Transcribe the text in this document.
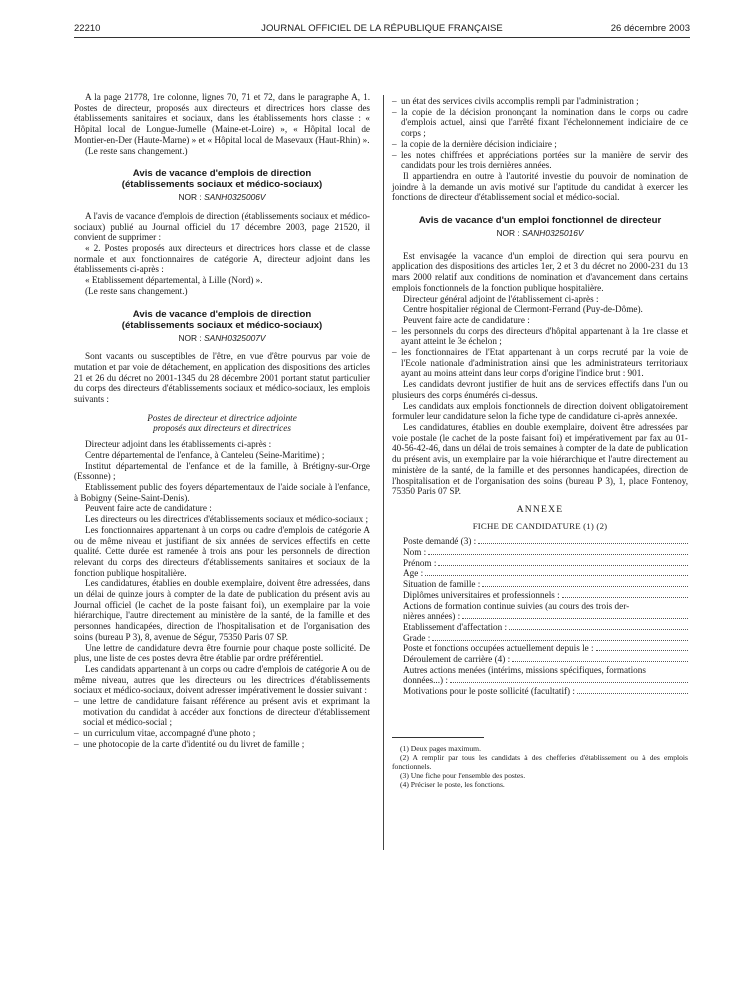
22210	JOURNAL OFFICIEL DE LA RÉPUBLIQUE FRANÇAISE	26 décembre 2003

A la page 21778, 1re colonne, lignes 70, 71 et 72, dans le paragraphe A, 1. Postes de directeur, proposés aux directeurs et directrices hors classe des établissements sanitaires et sociaux, dans les établissements hors classe : « Hôpital local de Longue-Jumelle (Maine-et-Loire) », « Hôpital local de Montier-en-Der (Haute-Marne) » et « Hôpital local de Masevaux (Haut-Rhin) ».

(Le reste sans changement.)

Avis de vacance d'emplois de direction
(établissements sociaux et médico-sociaux)
NOR : SANH0325006V

A l'avis de vacance d'emplois de direction (établissements sociaux et médico-sociaux) publié au Journal officiel du 17 décembre 2003, page 21520, il convient de supprimer :

« 2. Postes proposés aux directeurs et directrices hors classe et de classe normale et aux fonctionnaires de catégorie A, directeur adjoint dans les établissements ci-après :

« Etablissement départemental, à Lille (Nord) ».

(Le reste sans changement.)

Avis de vacance d'emplois de direction
(établissements sociaux et médico-sociaux)
NOR : SANH0325007V

Sont vacants ou susceptibles de l'être, en vue d'être pourvus par voie de mutation et par voie de détachement, en application des dispositions des articles 21 et 26 du décret no 2001-1345 du 28 décembre 2001 portant statut particulier du corps des directeurs d'établissements sociaux et médico-sociaux, les emplois suivants :

Postes de directeur et directrice adjointe
proposés aux directeurs et directrices

Directeur adjoint dans les établissements ci-après :

Centre départemental de l'enfance, à Canteleu (Seine-Maritime) ;

Institut départemental de l'enfance et de la famille, à Brétigny-sur-Orge (Essonne) ;

Etablissement public des foyers départementaux de l'aide sociale à l'enfance, à Bobigny (Seine-Saint-Denis).

Peuvent faire acte de candidature :

Les directeurs ou les directrices d'établissements sociaux et médico-sociaux ;

Les fonctionnaires appartenant à un corps ou cadre d'emplois de catégorie A ou de même niveau et justifiant de six années de services effectifs en cette qualité. Cette durée est ramenée à trois ans pour les personnels de direction relevant du corps des directeurs d'établissements sanitaires et sociaux de la fonction publique hospitalière.

Les candidatures, établies en double exemplaire, doivent être adressées, dans un délai de quinze jours à compter de la date de publication du présent avis au Journal officiel (le cachet de la poste faisant foi), un exemplaire par la voie hiérarchique, l'autre directement au ministère de la santé, de la famille et des personnes handicapées, direction de l'hospitalisation et de l'organisation des soins (bureau P 3), 8, avenue de Ségur, 75350 Paris 07 SP.

Une lettre de candidature devra être fournie pour chaque poste sollicité. De plus, une liste de ces postes devra être établie par ordre préférentiel.

Les candidats appartenant à un corps ou cadre d'emplois de catégorie A ou de même niveau, autres que les directeurs ou les directrices d'établissements sociaux et médico-sociaux, doivent adresser impérativement le dossier suivant :

– une lettre de candidature faisant référence au présent avis et exprimant la motivation du candidat à accéder aux fonctions de directeur d'établissement social et médico-social ;
– un curriculum vitae, accompagné d'une photo ;
– une photocopie de la carte d'identité ou du livret de famille ;
– un état des services civils accomplis rempli par l'administration ;
– la copie de la décision prononçant la nomination dans le corps ou cadre d'emplois actuel, ainsi que l'arrêté fixant l'échelonnement indiciaire de ce corps ;
– la copie de la dernière décision indiciaire ;
– les notes chiffrées et appréciations portées sur la manière de servir des candidats pour les trois dernières années.

Il appartiendra en outre à l'autorité investie du pouvoir de nomination de joindre à la demande un avis motivé sur l'aptitude du candidat à exercer les fonctions de directeur d'établissement social et médico-social.

Avis de vacance d'un emploi fonctionnel de directeur
NOR : SANH0325016V

Est envisagée la vacance d'un emploi de direction qui sera pourvu en application des dispositions des articles 1er, 2 et 3 du décret no 2000-231 du 13 mars 2000 relatif aux conditions de nomination et d'avancement dans certains emplois fonctionnels de la fonction publique hospitalière.

Directeur général adjoint de l'établissement ci-après :

Centre hospitalier régional de Clermont-Ferrand (Puy-de-Dôme).

Peuvent faire acte de candidature :

– les personnels du corps des directeurs d'hôpital appartenant à la 1re classe et ayant atteint le 3e échelon ;
– les fonctionnaires de l'Etat appartenant à un corps recruté par la voie de l'Ecole nationale d'administration ainsi que les administrateurs territoriaux ayant au moins atteint dans leur corps d'origine l'indice brut : 901.

Les candidats devront justifier de huit ans de services effectifs dans l'un ou plusieurs des corps énumérés ci-dessus.

Les candidats aux emplois fonctionnels de direction doivent obligatoirement formuler leur candidature selon la fiche type de candidature ci-après annexée.

Les candidatures, établies en double exemplaire, doivent être adressées par voie postale (le cachet de la poste faisant foi) et impérativement par fax au 01-40-56-42-46, dans un délai de trois semaines à compter de la date de publication du présent avis, un exemplaire par la voie hiérarchique et l'autre directement au ministère de la santé, de la famille et des personnes handicapées, direction de l'hospitalisation et de l'organisation des soins (bureau P 3), 1, place Fontenoy, 75350 Paris 07 SP.

ANNEXE
FICHE DE CANDIDATURE (1) (2)
Poste demandé (3) :
Nom :
Prénom :
Age :
Situation de famille :
Diplômes universitaires et professionnels :
Actions de formation continue suivies (au cours des trois der-
nières années) :
Etablissement d'affectation :
Grade :
Poste et fonctions occupées actuellement depuis le :
Déroulement de carrière (4) :
Autres actions menées (intérims, missions spécifiques, formations
données...) :
Motivations pour le poste sollicité (facultatif) :

(1) Deux pages maximum.

(2) A remplir par tous les candidats à des chefferies d'établissement ou à des emplois fonctionnels.

(3) Une fiche pour l'ensemble des postes.

(4) Préciser le poste, les fonctions.
